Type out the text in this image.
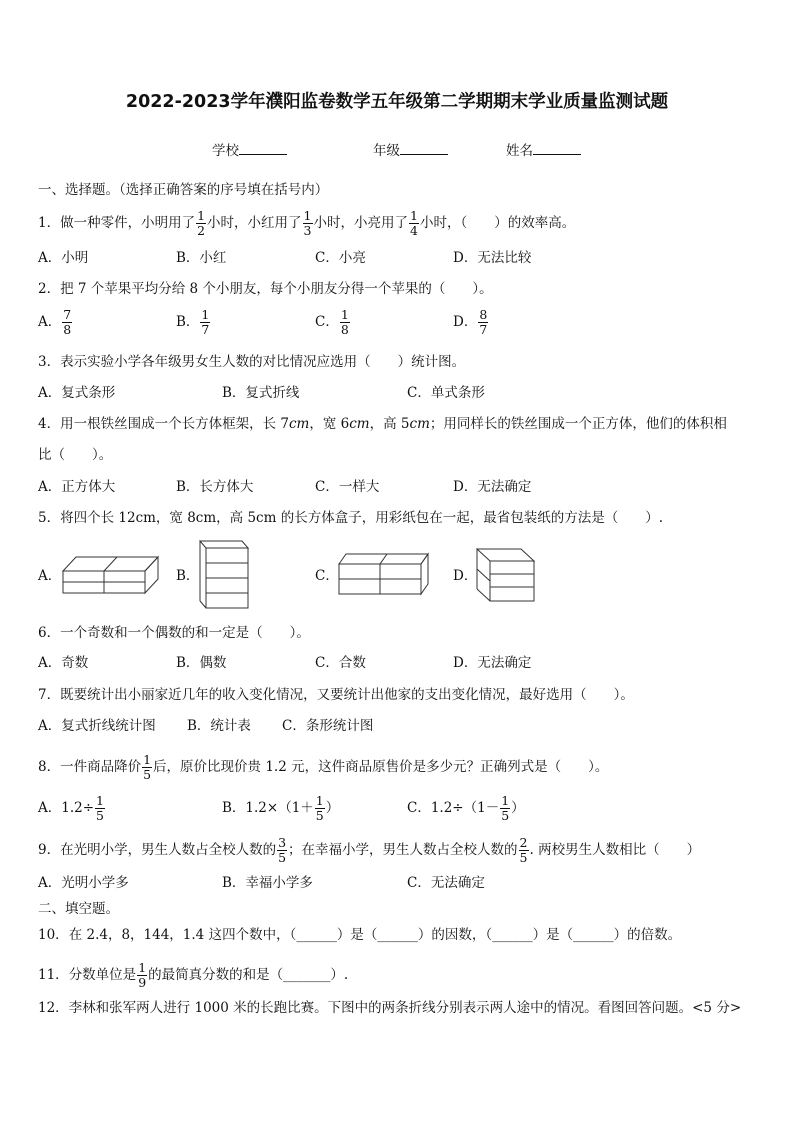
2022-2023学年濮阳监卷数学五年级第二学期期末学业质量监测试题
学校	年级	姓名
一、选择题。（选择正确答案的序号填在括号内）
1．做一种零件，小明用了 $\frac{1}{2}$ 小时，小红用了 $\frac{1}{3}$ 小时，小亮用了 $\frac{1}{4}$ 小时，（　　）的效率高。
A．小明	B．小红	C．小亮	D．无法比较
2．把 7 个苹果平均分给 8 个小朋友，每个小朋友分得一个苹果的（　　）。
A． $\frac{7}{8}$	B． $\frac{1}{7}$	C． $\frac{1}{8}$	D． $\frac{8}{7}$
3．表示实验小学各年级男女生人数的对比情况应选用（　　）统计图。
A．复式条形	B．复式折线	C．单式条形
4．用一根铁丝围成一个长方体框架，长 7cm，宽 6cm，高 5cm；用同样长的铁丝围成一个正方体，他们的体积相
比（　　）。
A．正方体大	B．长方体大	C．一样大	D．无法确定
5．将四个长 12cm，宽 8cm，高 5cm 的长方体盒子，用彩纸包在一起，最省包装纸的方法是（　　）.
A．	B．	C．	D．
6．一个奇数和一个偶数的和一定是（　　）。
A．奇数	B．偶数	C．合数	D．无法确定
7．既要统计出小丽家近几年的收入变化情况，又要统计出他家的支出变化情况，最好选用（　　）。
A．复式折线统计图 B．统计表 C．条形统计图
8．一件商品降价 $\frac{1}{5}$ 后，原价比现价贵 1.2 元，这件商品原售价是多少元？正确列式是（　　）。
A．$1.2\div \frac{1}{5}$	B．$1.2\times(1+ \frac{1}{5}$ ）	C．$1.2\div(1- \frac{1}{5}$ ）
9．在光明小学，男生人数占全校人数的 $\frac{3}{5}$ ；在幸福小学，男生人数占全校人数的 $\frac{2}{5}$ . 两校男生人数相比（　　）
A．光明小学多	B．幸福小学多	C．无法确定
二、填空题。
10．在 2.4，8，144，1.4 这四个数中，（______）是（______）的因数，（______）是（______）的倍数。
11．分数单位是 $\frac{1}{9}$ 的最简真分数的和是（_______）.
12．李林和张军两人进行 1000 米的长跑比赛。下图中的两条折线分别表示两人途中的情况。看图回答问题。<5 分>
